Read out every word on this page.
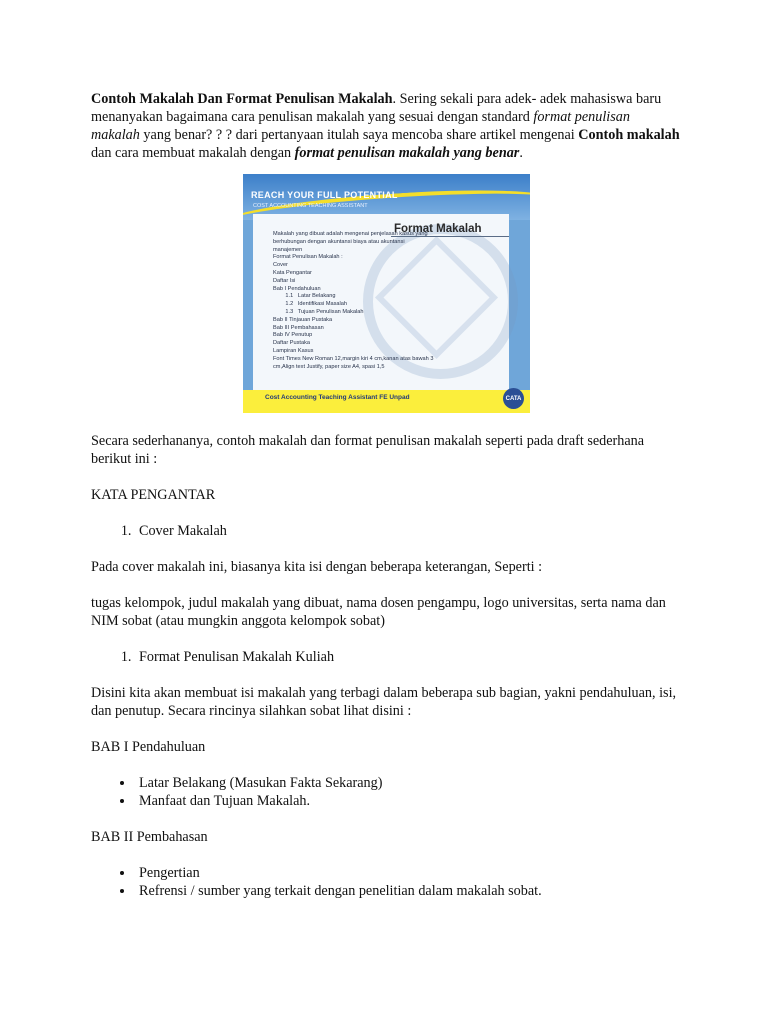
Contoh Makalah Dan Format Penulisan Makalah. Sering sekali para adek- adek mahasiswa baru menanyakan bagaimana cara penulisan makalah yang sesuai dengan standard format penulisan makalah yang benar? ? ? dari pertanyaan itulah saya mencoba share artikel mengenai Contoh makalah dan cara membuat makalah dengan format penulisan makalah yang benar.

REACH YOUR FULL POTENTIAL
COST ACCOUNTING TEACHING ASSISTANT
Format Makalah
Makalah yang dibuat adalah mengenai penjelasan kasus yang
berhubungan dengan akuntansi biaya atau akuntansi
manajemen
Format Penulisan Makalah :
Cover
Kata Pengantar
Daftar Isi
Bab I Pendahuluan
1.1   Latar Belakang
1.2   Identifikasi Masalah
1.3   Tujuan Penulisan Makalah
Bab II Tinjauan Pustaka
Bab III Pembahasan
Bab IV Penutup
Daftar Pustaka
Lampiran Kasus
Font Times New Roman 12,margin kiri 4 cm,kanan atas bawah 3
cm,Align text Justify, paper size A4, spasi 1,5
Cost Accounting Teaching Assistant FE Unpad	CATA

Secara sederhananya, contoh makalah dan format penulisan makalah seperti pada draft sederhana berikut ini :

KATA PENGANTAR

1. Cover Makalah

Pada cover makalah ini, biasanya kita isi dengan beberapa keterangan, Seperti :

tugas kelompok, judul makalah yang dibuat, nama dosen pengampu, logo universitas, serta nama dan NIM sobat (atau mungkin anggota kelompok sobat)

1. Format Penulisan Makalah Kuliah

Disini kita akan membuat isi makalah yang terbagi dalam beberapa sub bagian, yakni pendahuluan, isi, dan penutup. Secara rincinya silahkan sobat lihat disini :

BAB I Pendahuluan

• Latar Belakang (Masukan Fakta Sekarang)
• Manfaat dan Tujuan Makalah.

BAB II Pembahasan

• Pengertian
• Refrensi / sumber yang terkait dengan penelitian dalam makalah sobat.
